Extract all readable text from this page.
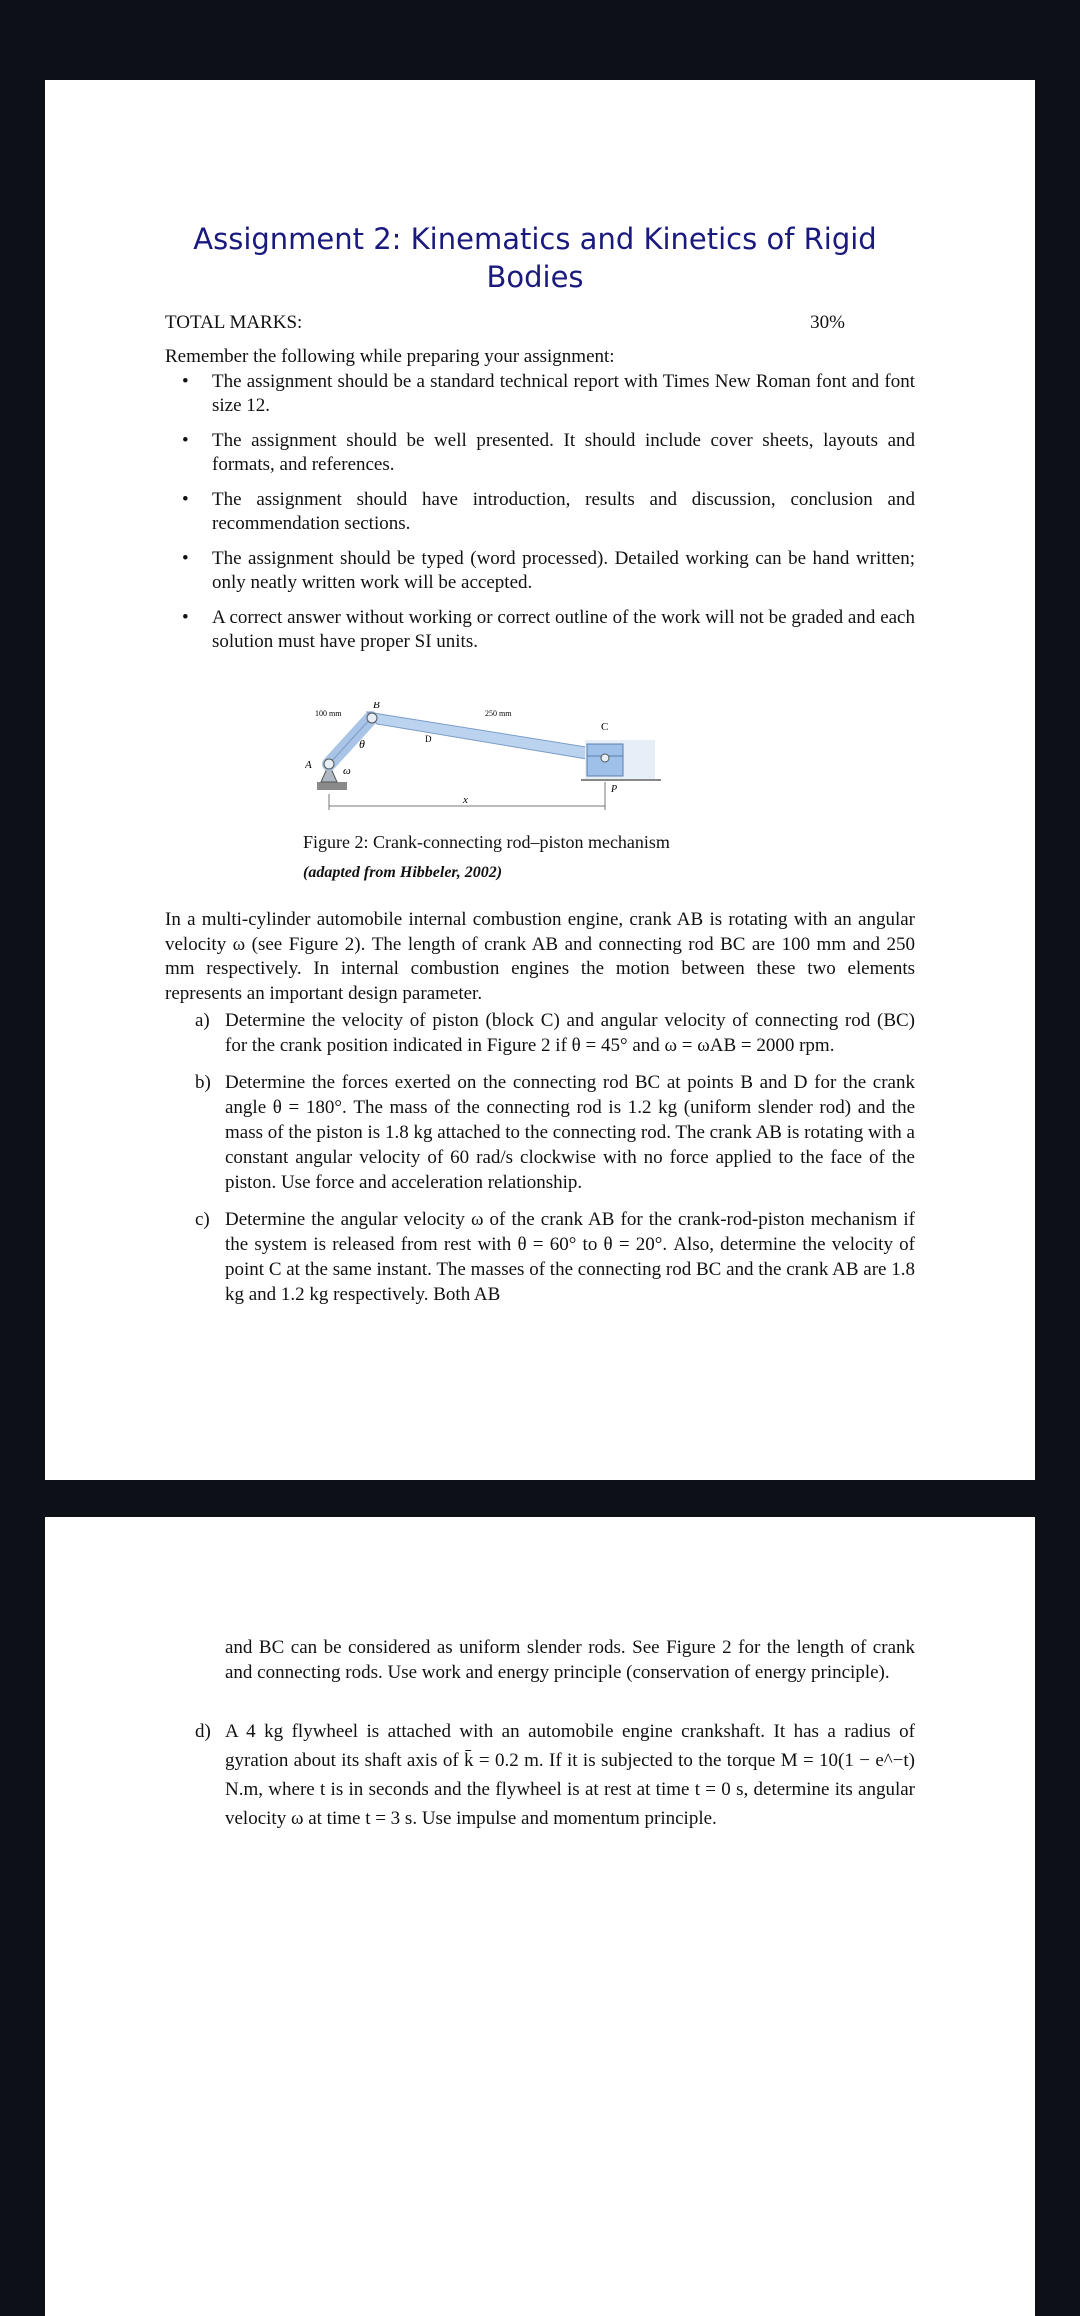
Assignment 2: Kinematics and Kinetics of Rigid Bodies
TOTAL MARKS:	30%
Remember the following while preparing your assignment:
• The assignment should be a standard technical report with Times New Roman font and font size 12.
• The assignment should be well presented. It should include cover sheets, layouts and formats, and references.
• The assignment should have introduction, results and discussion, conclusion and recommendation sections.
• The assignment should be typed (word processed). Detailed working can be hand written; only neatly written work will be accepted.
• A correct answer without working or correct outline of the work will not be graded and each solution must have proper SI units.
100 mm	250 mm
A
B
C
D
P
θ
ω
x
Figure 2: Crank-connecting rod–piston mechanism
(adapted from Hibbeler, 2002)

In a multi-cylinder automobile internal combustion engine, crank AB is rotating with an angular velocity ω (see Figure 2). The length of crank AB and connecting rod BC are 100 mm and 250 mm respectively. In internal combustion engines the motion between these two elements represents an important design parameter.

a) Determine the velocity of piston (block C) and angular velocity of connecting rod (BC) for the crank position indicated in Figure 2 if θ = 45° and ω = ωAB = 2000 rpm.
b) Determine the forces exerted on the connecting rod BC at points B and D for the crank angle θ = 180°. The mass of the connecting rod is 1.2 kg (uniform slender rod) and the mass of the piston is 1.8 kg attached to the connecting rod. The crank AB is rotating with a constant angular velocity of 60 rad/s clockwise with no force applied to the face of the piston. Use force and acceleration relationship.
c) Determine the angular velocity ω of the crank AB for the crank-rod-piston mechanism if the system is released from rest with θ = 60° to θ = 20°. Also, determine the velocity of point C at the same instant. The masses of the connecting rod BC and the crank AB are 1.8 kg and 1.2 kg respectively. Both AB

and BC can be considered as uniform slender rods. See Figure 2 for the length of crank and connecting rods. Use work and energy principle (conservation of energy principle).

d) A 4 kg flywheel is attached with an automobile engine crankshaft. It has a radius of gyration about its shaft axis of k̄ = 0.2 m. If it is subjected to the torque M = 10(1 − e^−t) N.m, where t is in seconds and the flywheel is at rest at time t = 0 s, determine its angular velocity ω at time t = 3 s. Use impulse and momentum principle.
